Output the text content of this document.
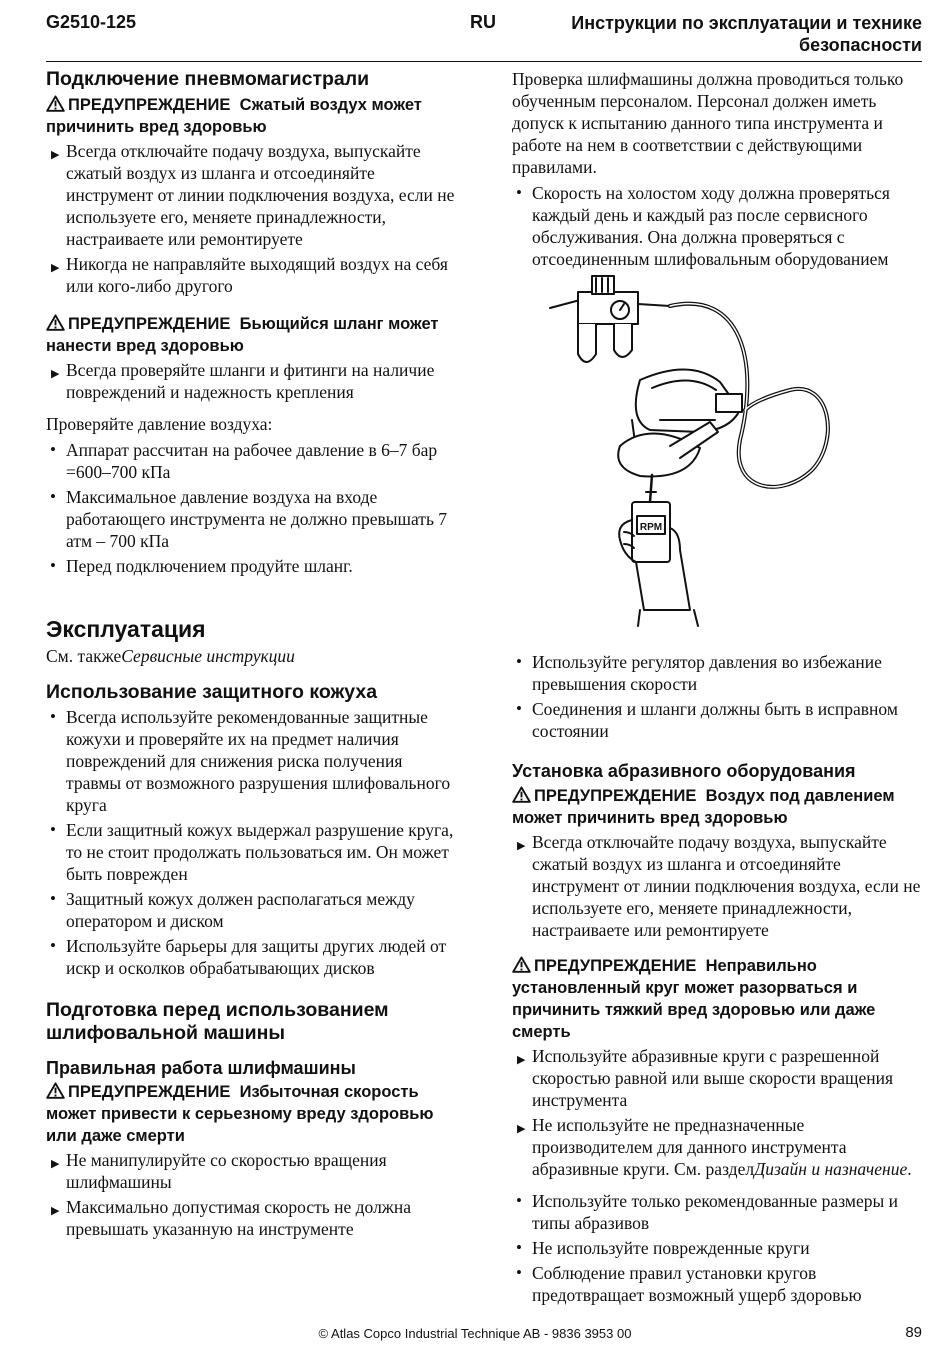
G2510-125	RU	Инструкции по эксплуатации и технике безопасности
Подключение пневмомагистрали
ПРЕДУПРЕЖДЕНИЕ Сжатый воздух может причинить вред здоровью
▶ Всегда отключайте подачу воздуха, выпускайте сжатый воздух из шланга и отсоединяйте инструмент от линии подключения воздуха, если не используете его, меняете принадлежности, настраиваете или ремонтируете
▶ Никогда не направляйте выходящий воздух на себя или кого-либо другого
ПРЕДУПРЕЖДЕНИЕ Бьющийся шланг может нанести вред здоровью
▶ Всегда проверяйте шланги и фитинги на наличие повреждений и надежность крепления

Проверяйте давление воздуха:

• Аппарат рассчитан на рабочее давление в 6–7 бар =600–700 кПа
• Максимальное давление воздуха на входе работающего инструмента не должно превышать 7 атм – 700 кПа
• Перед подключением продуйте шланг.
Эксплуатация

См. такжеСервисные инструкции

Использование защитного кожуха
• Всегда используйте рекомендованные защитные кожухи и проверяйте их на предмет наличия повреждений для снижения риска получения травмы от возможного разрушения шлифовального круга
• Если защитный кожух выдержал разрушение круга, то не стоит продолжать пользоваться им. Он может быть поврежден
• Защитный кожух должен располагаться между оператором и диском
• Используйте барьеры для защиты других людей от искр и осколков обрабатывающих дисков
Подготовка перед использованием шлифовальной машины
Правильная работа шлифмашины
ПРЕДУПРЕЖДЕНИЕ Избыточная скорость может привести к серьезному вреду здоровью или даже смерти
▶ Не манипулируйте со скоростью вращения шлифмашины
▶ Максимально допустимая скорость не должна превышать указанную на инструменте

Проверка шлифмашины должна проводиться только обученным персоналом. Персонал должен иметь допуск к испытанию данного типа инструмента и работе на нем в соответствии с действующими правилами.

• Скорость на холостом ходу должна проверяться каждый день и каждый раз после сервисного обслуживания. Она должна проверяться с отсоединенным шлифовальным оборудованием
• Используйте регулятор давления во избежание превышения скорости
• Соединения и шланги должны быть в исправном состоянии
Установка абразивного оборудования
ПРЕДУПРЕЖДЕНИЕ Воздух под давлением может причинить вред здоровью
▶ Всегда отключайте подачу воздуха, выпускайте сжатый воздух из шланга и отсоединяйте инструмент от линии подключения воздуха, если не используете его, меняете принадлежности, настраиваете или ремонтируете
ПРЕДУПРЕЖДЕНИЕ Неправильно установленный круг может разорваться и причинить тяжкий вред здоровью или даже смерть
▶ Используйте абразивные круги с разрешенной скоростью равной или выше скорости вращения инструмента
▶ Не используйте не предназначенные производителем для данного инструмента абразивные круги. См. разделДизайн и назначение.
• Используйте только рекомендованные размеры и типы абразивов
• Не используйте поврежденные круги
• Соблюдение правил установки кругов предотвращает возможный ущерб здоровью
RPM
© Atlas Copco Industrial Technique AB - 9836 3953 00	89
